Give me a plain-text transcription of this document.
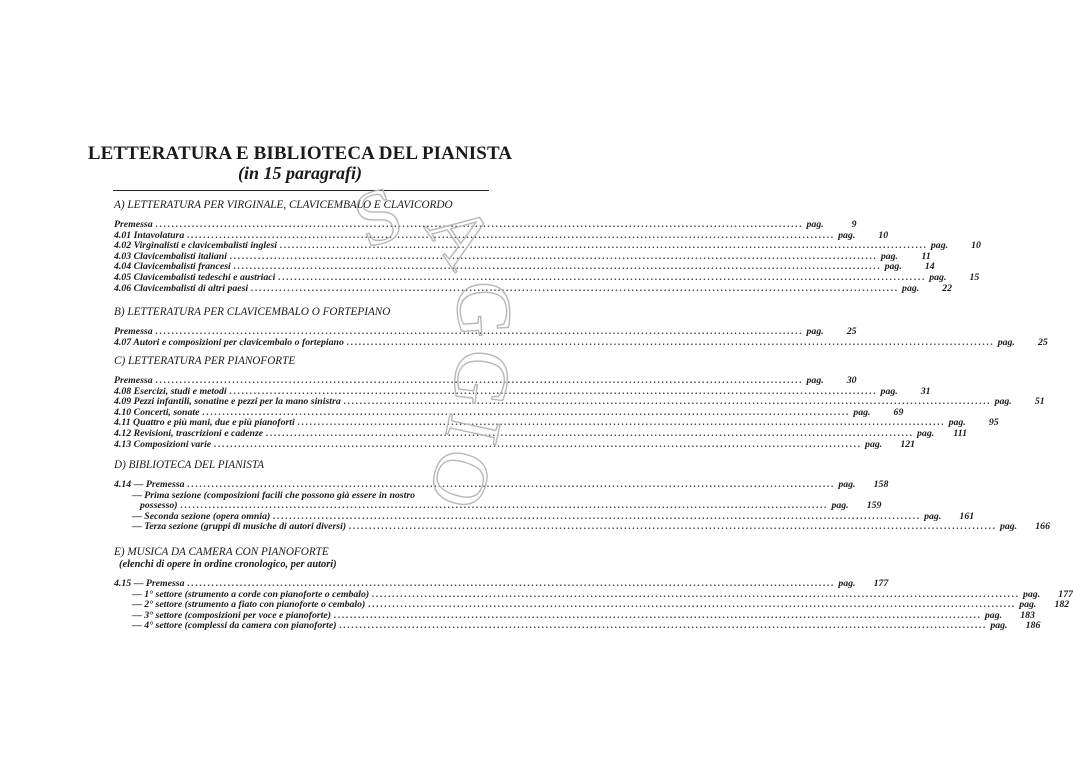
LETTERATURA E BIBLIOTECA DEL PIANISTA
(in 15 paragrafi)
A) LETTERATURA PER VIRGINALE, CLAVICEMBALO E CLAVICORDO
Premessa ................................................................................................................................................................ pag.	9
4.01 Intavolatura ................................................................................................................................................................ pag.	10
4.02 Virginalisti e clavicembalisti inglesi ................................................................................................................................................................ pag.	10
4.03 Clavicembalisti italiani ................................................................................................................................................................ pag.	11
4.04 Clavicembalisti francesi ................................................................................................................................................................ pag.	14
4.05 Clavicembalisti tedeschi e austriaci ................................................................................................................................................................ pag.	15
4.06 Clavicembalisti di altri paesi ................................................................................................................................................................ pag.	22
B) LETTERATURA PER CLAVICEMBALO O FORTEPIANO
Premessa ................................................................................................................................................................ pag.	25
4.07 Autori e composizioni per clavicembalo o fortepiano ................................................................................................................................................................ pag.	25
C) LETTERATURA PER PIANOFORTE
Premessa ................................................................................................................................................................ pag.	30
4.08 Esercizi, studi e metodi ................................................................................................................................................................ pag.	31
4.09 Pezzi infantili, sonatine e pezzi per la mano sinistra ................................................................................................................................................................ pag.	51
4.10 Concerti, sonate ................................................................................................................................................................ pag.	69
4.11 Quattro e più mani, due e più pianoforti ................................................................................................................................................................ pag.	95
4.12 Revisioni, trascrizioni e cadenze ................................................................................................................................................................ pag.	111
4.13 Composizioni varie ................................................................................................................................................................ pag.	121
D) BIBLIOTECA DEL PIANISTA
4.14 — Premessa ................................................................................................................................................................ pag.	158
— Prima sezione (composizioni facili che possono già essere in nostro
possesso) ................................................................................................................................................................ pag.	159
— Seconda sezione (opera omnia) ................................................................................................................................................................ pag.	161
— Terza sezione (gruppi di musiche di autori diversi) ................................................................................................................................................................ pag.	166
E) MUSICA DA CAMERA CON PIANOFORTE
(elenchi di opere in ordine cronologico, per autori)
4.15 — Premessa ................................................................................................................................................................ pag.	177
— 1° settore (strumento a corde con pianoforte o cembalo) ................................................................................................................................................................ pag.	177
— 2° settore (strumento a fiato con pianoforte o cembalo) ................................................................................................................................................................ pag.	182
— 3° settore (composizioni per voce e pianoforte) ................................................................................................................................................................ pag.	183
— 4° settore (complessi da camera con pianoforte) ................................................................................................................................................................ pag.	186
SAGGIO
